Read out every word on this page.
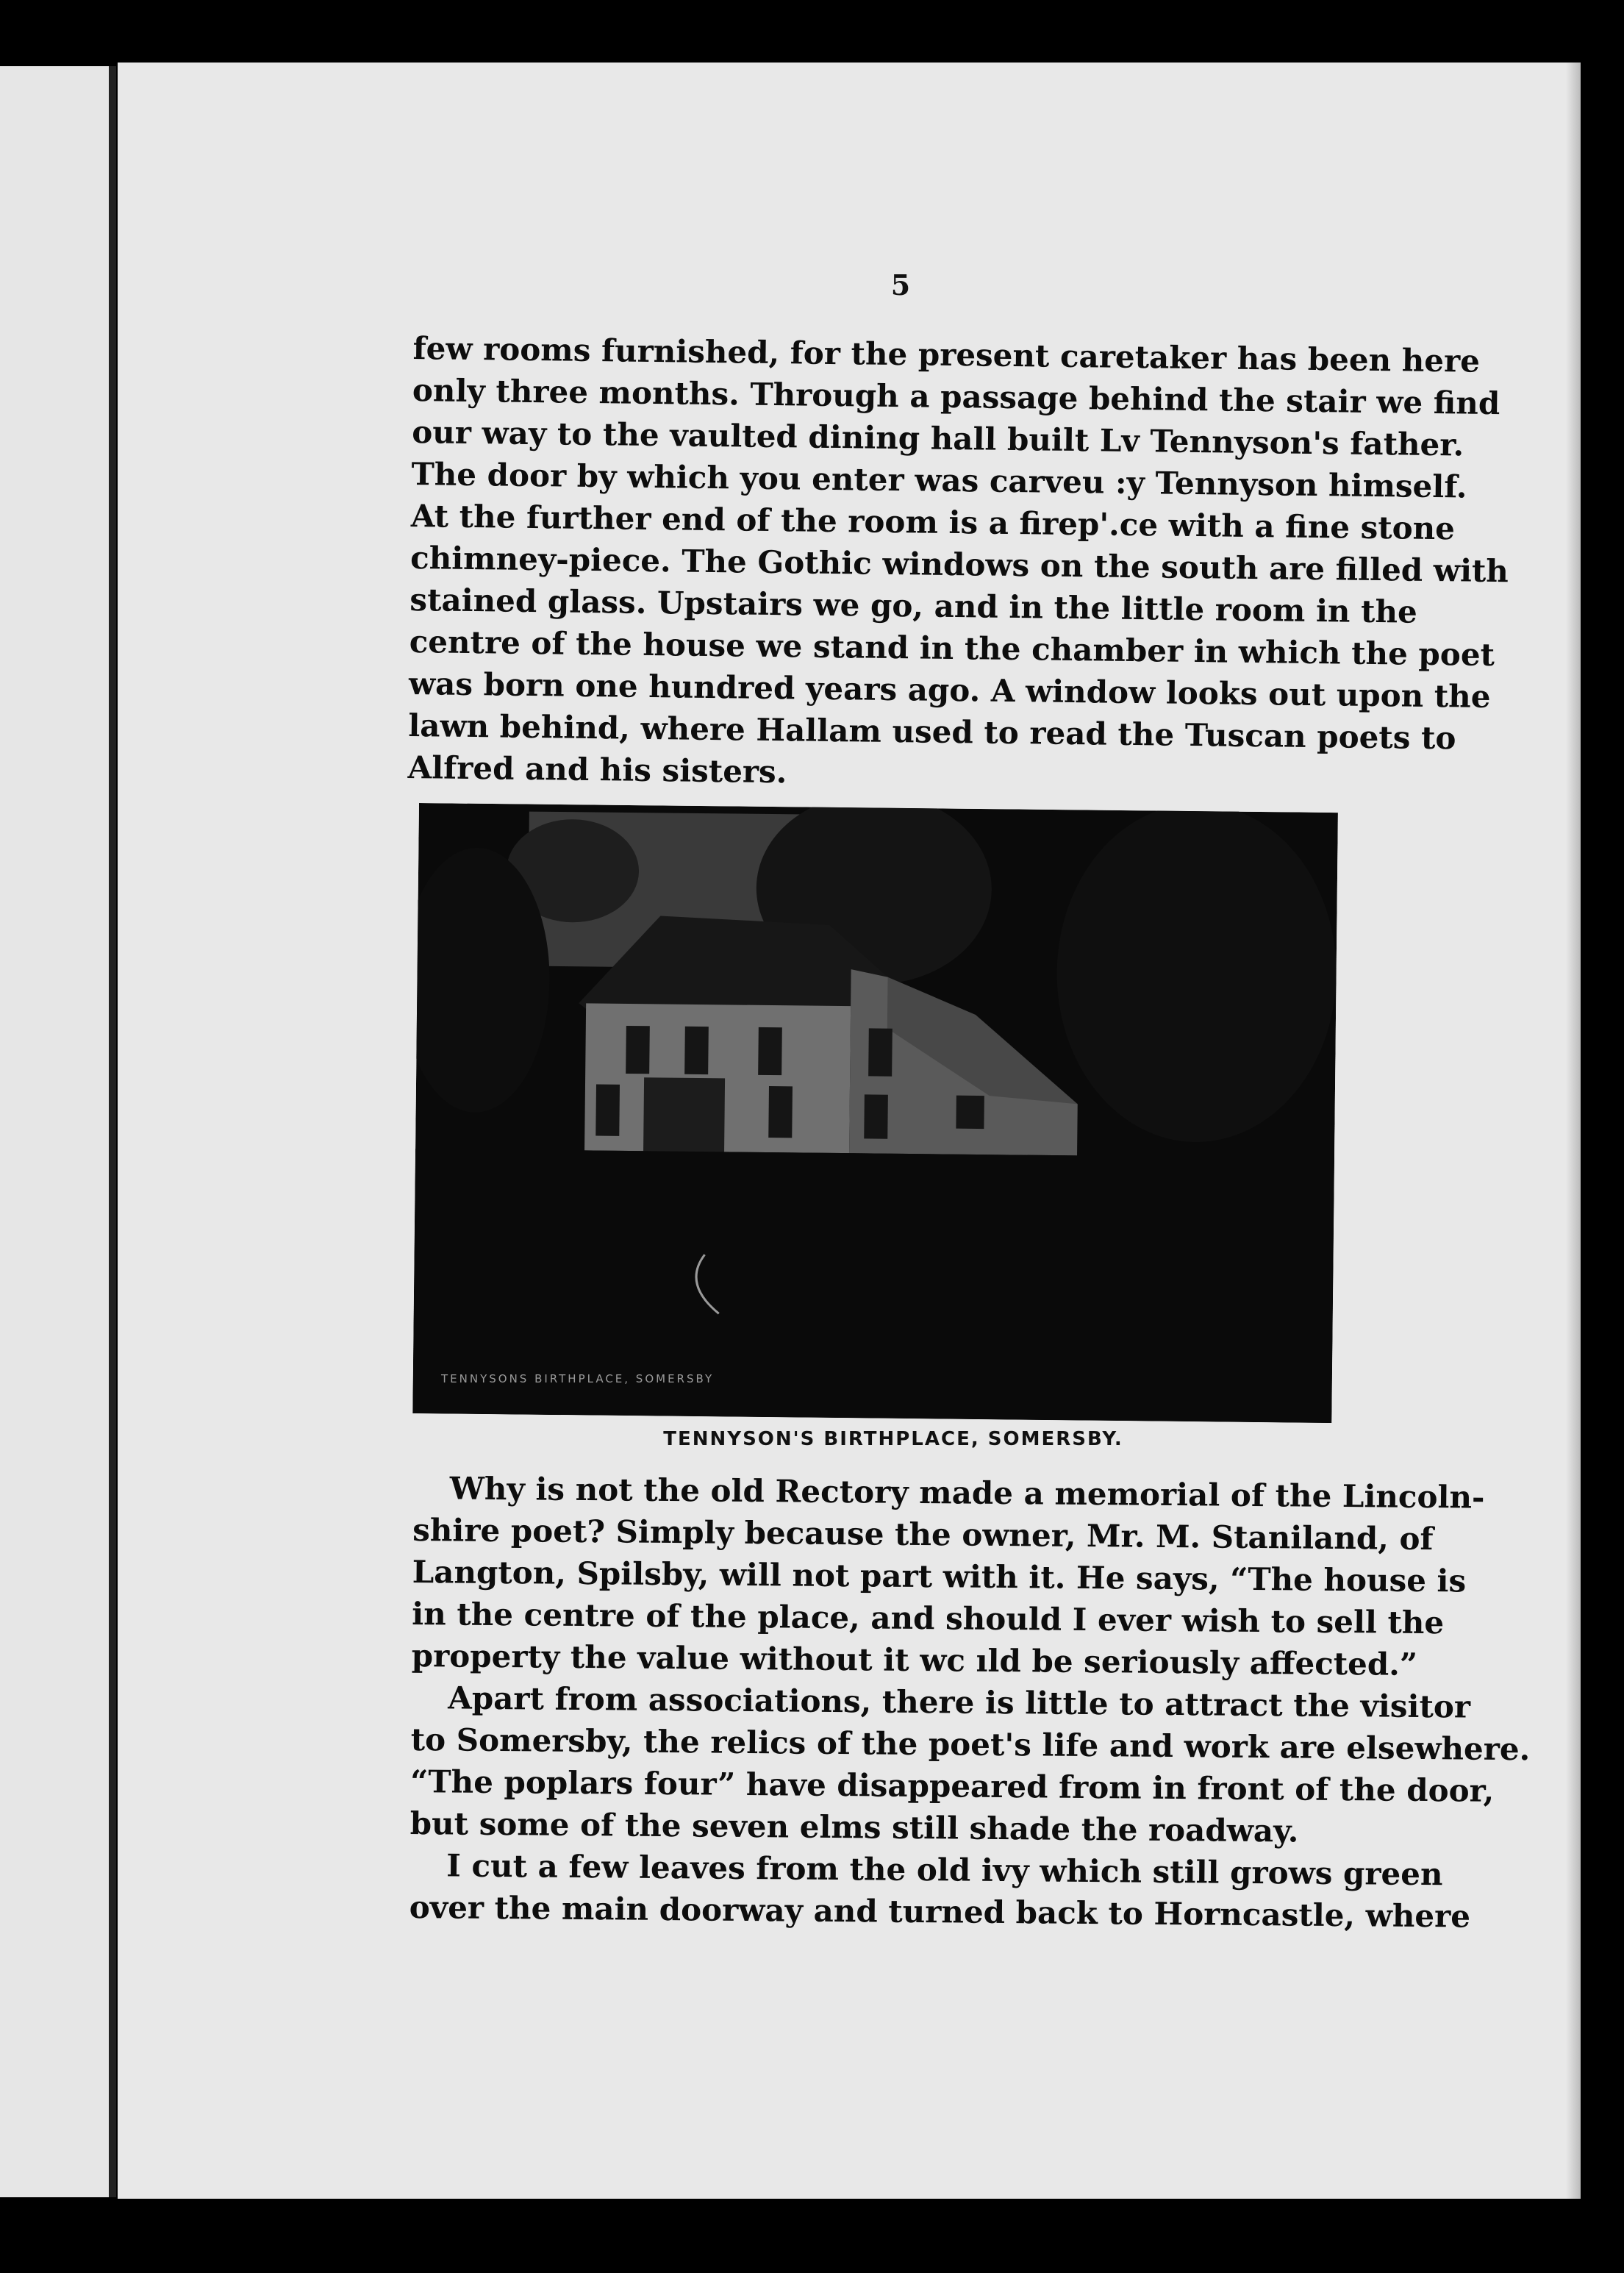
5
few rooms furnished, for the present caretaker has been here
only three months. Through a passage behind the stair we find
our way to the vaulted dining hall built Lv Tennyson's father.
The door by which you enter was carveu :y Tennyson himself.
At the further end of the room is a firep'.ce with a fine stone
chimney-piece. The Gothic windows on the south are filled with
stained glass. Upstairs we go, and in the little room in the
centre of the house we stand in the chamber in which the poet
was born one hundred years ago. A window looks out upon the
lawn behind, where Hallam used to read the Tuscan poets to
Alfred and his sisters.
TENNYSONS BIRTHPLACE, SOMERSBY
TENNYSON'S BIRTHPLACE, SOMERSBY.
Why is not the old Rectory made a memorial of the Lincoln-
shire poet? Simply because the owner, Mr. M. Staniland, of
Langton, Spilsby, will not part with it. He says, “The house is
in the centre of the place, and should I ever wish to sell the
property the value without it wc ıld be seriously affected.”
Apart from associations, there is little to attract the visitor
to Somersby, the relics of the poet's life and work are elsewhere.
“The poplars four” have disappeared from in front of the door,
but some of the seven elms still shade the roadway.
I cut a few leaves from the old ivy which still grows green
over the main doorway and turned back to Horncastle, where
